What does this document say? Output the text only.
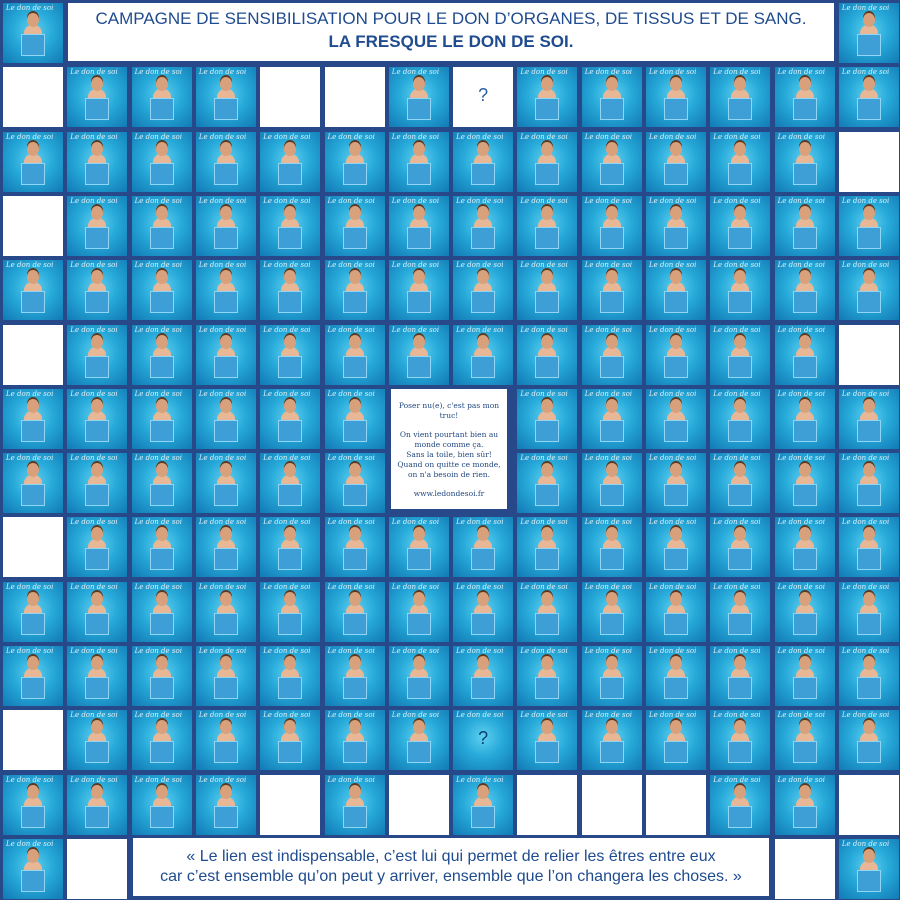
Le don de soi	Le don de soi
Le don de soi Le don de soi Le don de soi	Le don de soi
?
Le don de soi Le don de soi Le don de soi Le don de soi Le don de soi Le don de soi
Le don de soi Le don de soi Le don de soi Le don de soi Le don de soi Le don de soi Le don de soi Le don de soi Le don de soi Le don de soi Le don de soi Le don de soi Le don de soi
Le don de soi Le don de soi Le don de soi Le don de soi Le don de soi Le don de soi Le don de soi Le don de soi Le don de soi Le don de soi Le don de soi Le don de soi Le don de soi
Le don de soi Le don de soi Le don de soi Le don de soi Le don de soi Le don de soi Le don de soi Le don de soi Le don de soi Le don de soi Le don de soi Le don de soi Le don de soi Le don de soi
Le don de soi Le don de soi Le don de soi Le don de soi Le don de soi Le don de soi Le don de soi Le don de soi Le don de soi Le don de soi Le don de soi Le don de soi
Le don de soi Le don de soi Le don de soi Le don de soi Le don de soi Le don de soi	Le don de soi Le don de soi Le don de soi Le don de soi Le don de soi Le don de soi
Le don de soi Le don de soi Le don de soi Le don de soi Le don de soi Le don de soi	Le don de soi Le don de soi Le don de soi Le don de soi Le don de soi Le don de soi
Le don de soi Le don de soi Le don de soi Le don de soi Le don de soi Le don de soi Le don de soi Le don de soi Le don de soi Le don de soi Le don de soi Le don de soi Le don de soi
Le don de soi Le don de soi Le don de soi Le don de soi Le don de soi Le don de soi Le don de soi Le don de soi Le don de soi Le don de soi Le don de soi Le don de soi Le don de soi Le don de soi
Le don de soi Le don de soi Le don de soi Le don de soi Le don de soi Le don de soi Le don de soi Le don de soi Le don de soi Le don de soi Le don de soi Le don de soi Le don de soi Le don de soi
Le don de soi Le don de soi Le don de soi Le don de soi Le don de soi Le don de soi Le don de soi
?
Le don de soi Le don de soi Le don de soi Le don de soi Le don de soi Le don de soi
Le don de soi Le don de soi Le don de soi Le don de soi	Le don de soi	Le don de soi	Le don de soi Le don de soi
Le don de soi	Le don de soi
CAMPAGNE DE SENSIBILISATION POUR LE DON D’ORGANES, DE TISSUS ET DE SANG.
LA FRESQUE LE DON DE SOI.
Poser nu(e), c'est pas mon truc!
On vient pourtant bien au
monde comme ça.
Sans la toile, bien sûr!
Quand on quitte ce monde,
on n'a besoin de rien.
www.ledondesoi.fr
« Le lien est indispensable, c’est lui qui permet de relier les êtres entre eux
car c’est ensemble qu’on peut y arriver, ensemble que l’on changera les choses. »
